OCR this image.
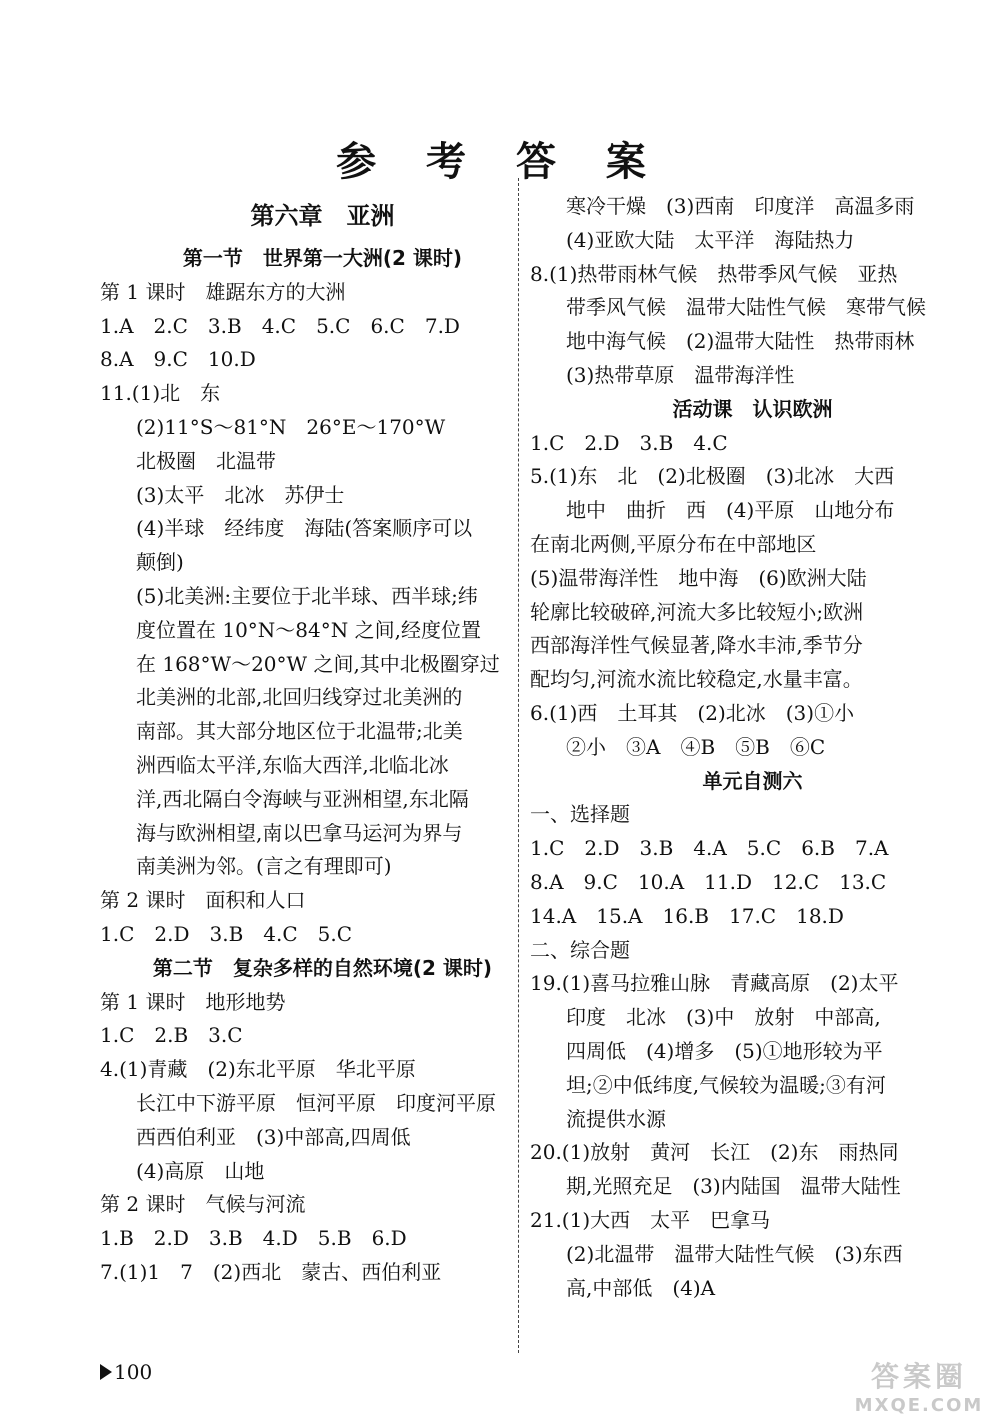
参 考 答 案
第六章　亚洲
第一节　世界第一大洲(2 课时)
第 1 课时　雄踞东方的大洲
1.A　2.C　3.B　4.C　5.C　6.C　7.D
8.A　9.C　10.D
11.(1)北　东
(2)11°S～81°N　26°E～170°W
北极圈　北温带
(3)太平　北冰　苏伊士
(4)半球　经纬度　海陆(答案顺序可以
颠倒)
(5)北美洲:主要位于北半球、西半球;纬
度位置在 10°N～84°N 之间,经度位置
在 168°W～20°W 之间,其中北极圈穿过
北美洲的北部,北回归线穿过北美洲的
南部。其大部分地区位于北温带;北美
洲西临太平洋,东临大西洋,北临北冰
洋,西北隔白令海峡与亚洲相望,东北隔
海与欧洲相望,南以巴拿马运河为界与
南美洲为邻。(言之有理即可)
第 2 课时　面积和人口
1.C　2.D　3.B　4.C　5.C
第二节　复杂多样的自然环境(2 课时)
第 1 课时　地形地势
1.C　2.B　3.C
4.(1)青藏　(2)东北平原　华北平原
长江中下游平原　恒河平原　印度河平原
西西伯利亚　(3)中部高,四周低
(4)高原　山地
第 2 课时　气候与河流
1.B　2.D　3.B　4.D　5.B　6.D
7.(1)1　7　(2)西北　蒙古、西伯利亚
寒冷干燥　(3)西南　印度洋　高温多雨
(4)亚欧大陆　太平洋　海陆热力
8.(1)热带雨林气候　热带季风气候　亚热
带季风气候　温带大陆性气候　寒带气候
地中海气候　(2)温带大陆性　热带雨林
(3)热带草原　温带海洋性
活动课　认识欧洲
1.C　2.D　3.B　4.C
5.(1)东　北　(2)北极圈　(3)北冰　大西
地中　曲折　西　(4)平原　山地分布
在南北两侧,平原分布在中部地区
(5)温带海洋性　地中海　(6)欧洲大陆
轮廓比较破碎,河流大多比较短小;欧洲
西部海洋性气候显著,降水丰沛,季节分
配均匀,河流水流比较稳定,水量丰富。
6.(1)西　土耳其　(2)北冰　(3)①小
②小　③A　④B　⑤B　⑥C
单元自测六
一、选择题
1.C　2.D　3.B　4.A　5.C　6.B　7.A
8.A　9.C　10.A　11.D　12.C　13.C
14.A　15.A　16.B　17.C　18.D
二、综合题
19.(1)喜马拉雅山脉　青藏高原　(2)太平
印度　北冰　(3)中　放射　中部高,
四周低　(4)增多　(5)①地形较为平
坦;②中低纬度,气候较为温暖;③有河
流提供水源
20.(1)放射　黄河　长江　(2)东　雨热同
期,光照充足　(3)内陆国　温带大陆性
21.(1)大西　太平　巴拿马
(2)北温带　温带大陆性气候　(3)东西
高,中部低　(4)A
100	答案圈
MXQE.COM
